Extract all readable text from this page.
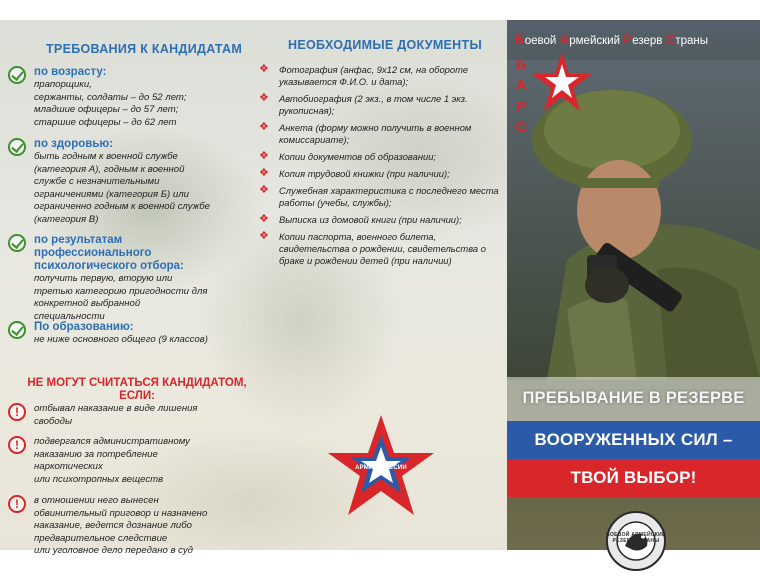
ТРЕБОВАНИЯ К КАНДИДАТАМ
по возрасту:
прапорщики,
сержанты, солдаты – до 52 лет;
младшие офицеры – до 57 лет;
старшие офицеры – до 62 лет
по здоровью:
быть годным к военной службе
(категория А), годным к военной
службе с незначительными
ограничениями (категория Б) или
ограниченно годным к военной службе
(категория В)
по результатам профессионального психологического отбора:
получить первую, вторую или
третью категорию пригодности для
конкретной выбранной
специальности
По образованию:
не ниже основного общего (9 классов)
НЕ МОГУТ СЧИТАТЬСЯ КАНДИДАТОМ, ЕСЛИ:
!	отбывал наказание в виде лишения
свободы
!	подвергался административному
наказанию за потребление
наркотических
или психотропных веществ
!	в отношении него вынесен
обвинительный приговор и назначено
наказание, ведется дознание либо
предварительное следствие
или уголовное дело передано в суд
НЕОБХОДИМЫЕ ДОКУМЕНТЫ
❖ Фотография (анфас, 9х12 см, на обороте указывается Ф.И.О. и дата);
❖ Автобиография (2 экз., в том числе 1 экз. рукописная);
❖ Анкета (форму можно получить в военном комиссариате);
❖ Копии документов об образовании;
❖ Копия трудовой книжки (при наличии);
❖ Служебная характеристика с последнего места работы (учебы, службы);
❖ Выписка из домовой книги (при наличии);
❖ Копии паспорта, военного билета, свидетельства о рождении, свидетельства о браке и рождении детей (при наличии)
АРМИЯ РОССИИ
Боевой Армейский Резерв Страны
Б
А
Р
С
ПРЕБЫВАНИЕ В РЕЗЕРВЕ
ВООРУЖЕННЫХ СИЛ –
ТВОЙ ВЫБОР!
БОЕВОЙ АРМЕЙСКИЙ РЕЗЕРВ СТРАНЫ
